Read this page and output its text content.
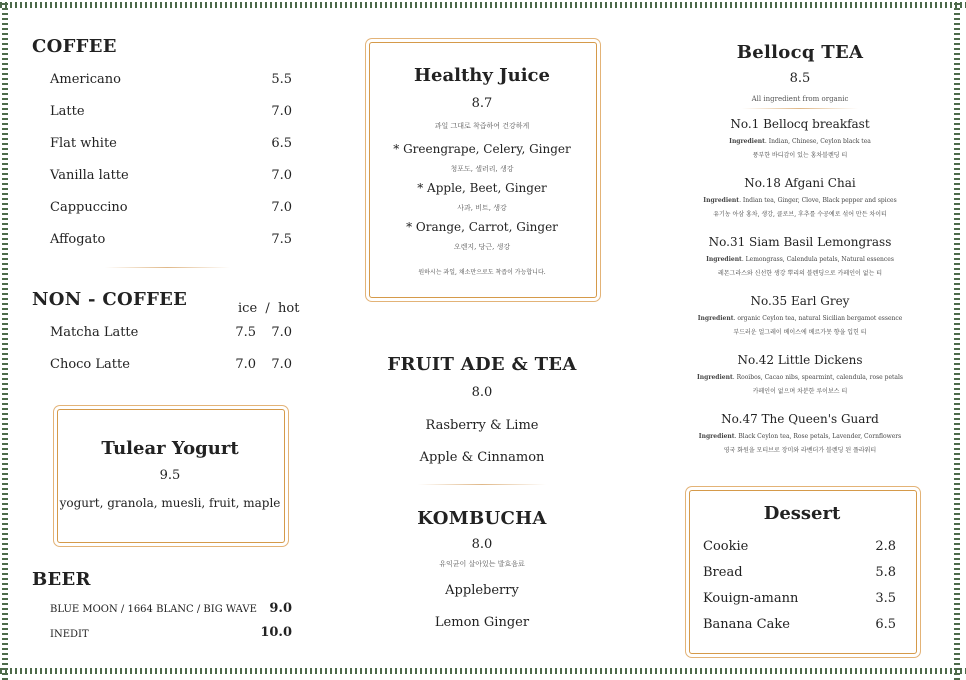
COFFEE
Americano	5.5
Latte	7.0
Flat white	6.5
Vanilla latte	7.0
Cappuccino	7.0
Affogato	7.5
NON - COFFEE	ice  /  hot
Matcha Latte	7.5	7.0
Choco Latte	7.0	7.0
Tulear Yogurt
9.5
yogurt, granola, muesli, fruit, maple
BEER
BLUE MOON / 1664 BLANC / BIG WAVE 9.0
INEDIT	10.0
Healthy Juice
8.7
과일 그대로 착즙하여 건강하게
* Greengrape, Celery, Ginger
청포도, 셀러리, 생강
* Apple, Beet, Ginger
사과, 비트, 생강
* Orange, Carrot, Ginger
오렌지, 당근, 생강
원하시는 과일, 채소만으로도 착즙이 가능합니다.
FRUIT ADE & TEA
8.0
Rasberry & Lime
Apple & Cinnamon
KOMBUCHA
8.0
유익균이 살아있는 발효음료
Appleberry
Lemon Ginger
Bellocq TEA
8.5
All ingredient from organic
No.1 Bellocq breakfast
Ingredient. Indian, Chinese, Ceylon black tea
풍부한 바디감이 있는 홍차블렌딩 티
No.18 Afgani Chai
Ingredient. Indian tea, Ginger, Clove, Black pepper and spices
유기농 아삼 홍차, 생강, 클로브, 후추를 수공예로 섞어 만든 차이티
No.31 Siam Basil Lemongrass
Ingredient. Lemongrass, Calendula petals, Natural essences
레몬그라스와 신선한 생강 뿌리의 블렌딩으로 카페인이 없는 티
No.35 Earl Grey
Ingredient. organic Ceylon tea, natural Sicilian bergamot essence
부드러운 얼그레이 베이스에 베르가못 향을 입힌 티
No.42 Little Dickens
Ingredient. Rooibos, Cacao nibs, spearmint, calendula, rose petals
카페인이 없으며 차분한 루이보스 티
No.47 The Queen's Guard
Ingredient. Black Ceylon tea, Rose petals, Lavender, Cornflowers
영국 화원을 모티브로 장미와 라벤더가 블렌딩 된 플라워티
Dessert
Cookie	2.8
Bread	5.8
Kouign-amann	3.5
Banana Cake	6.5
